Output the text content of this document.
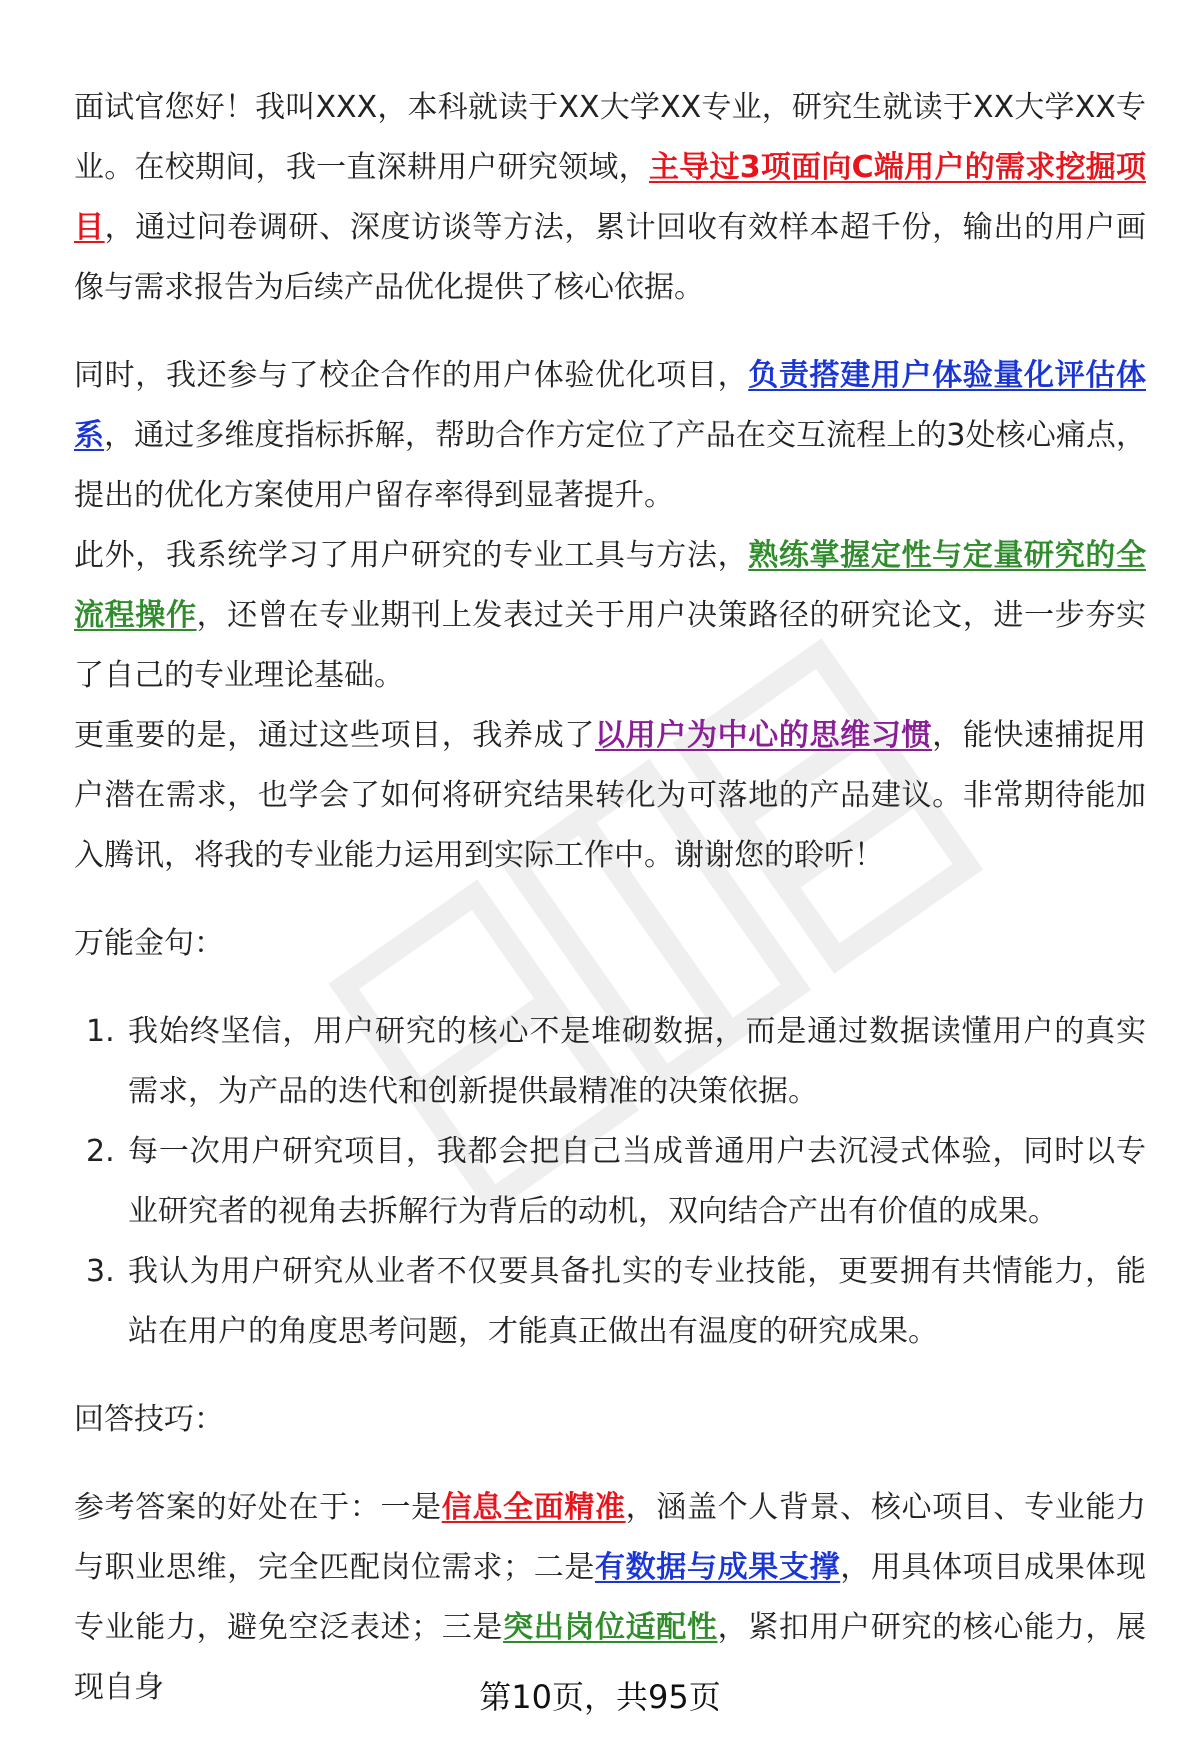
面试官您好！我叫XXX，本科就读于XX大学XX专业，研究生就读于XX大学XX专业。在校期间，我一直深耕用户研究领域，主导过3项面向C端用户的需求挖掘项目，通过问卷调研、深度访谈等方法，累计回收有效样本超千份，输出的用户画像与需求报告为后续产品优化提供了核心依据。

同时，我还参与了校企合作的用户体验优化项目，负责搭建用户体验量化评估体系，通过多维度指标拆解，帮助合作方定位了产品在交互流程上的3处核心痛点，提出的优化方案使用户留存率得到显著提升。

此外，我系统学习了用户研究的专业工具与方法，熟练掌握定性与定量研究的全流程操作，还曾在专业期刊上发表过关于用户决策路径的研究论文，进一步夯实了自己的专业理论基础。

更重要的是，通过这些项目，我养成了以用户为中心的思维习惯，能快速捕捉用户潜在需求，也学会了如何将研究结果转化为可落地的产品建议。非常期待能加入腾讯，将我的专业能力运用到实际工作中。谢谢您的聆听！

万能金句：

1. 我始终坚信，用户研究的核心不是堆砌数据，而是通过数据读懂用户的真实需求，为产品的迭代和创新提供最精准的决策依据。
2. 每一次用户研究项目，我都会把自己当成普通用户去沉浸式体验，同时以专业研究者的视角去拆解行为背后的动机，双向结合产出有价值的成果。
3. 我认为用户研究从业者不仅要具备扎实的专业技能，更要拥有共情能力，能站在用户的角度思考问题，才能真正做出有温度的研究成果。

回答技巧：

参考答案的好处在于：一是信息全面精准，涵盖个人背景、核心项目、专业能力与职业思维，完全匹配岗位需求；二是有数据与成果支撑，用具体项目成果体现专业能力，避免空泛表述；三是突出岗位适配性，紧扣用户研究的核心能力，展现自身	第10页，共95页
